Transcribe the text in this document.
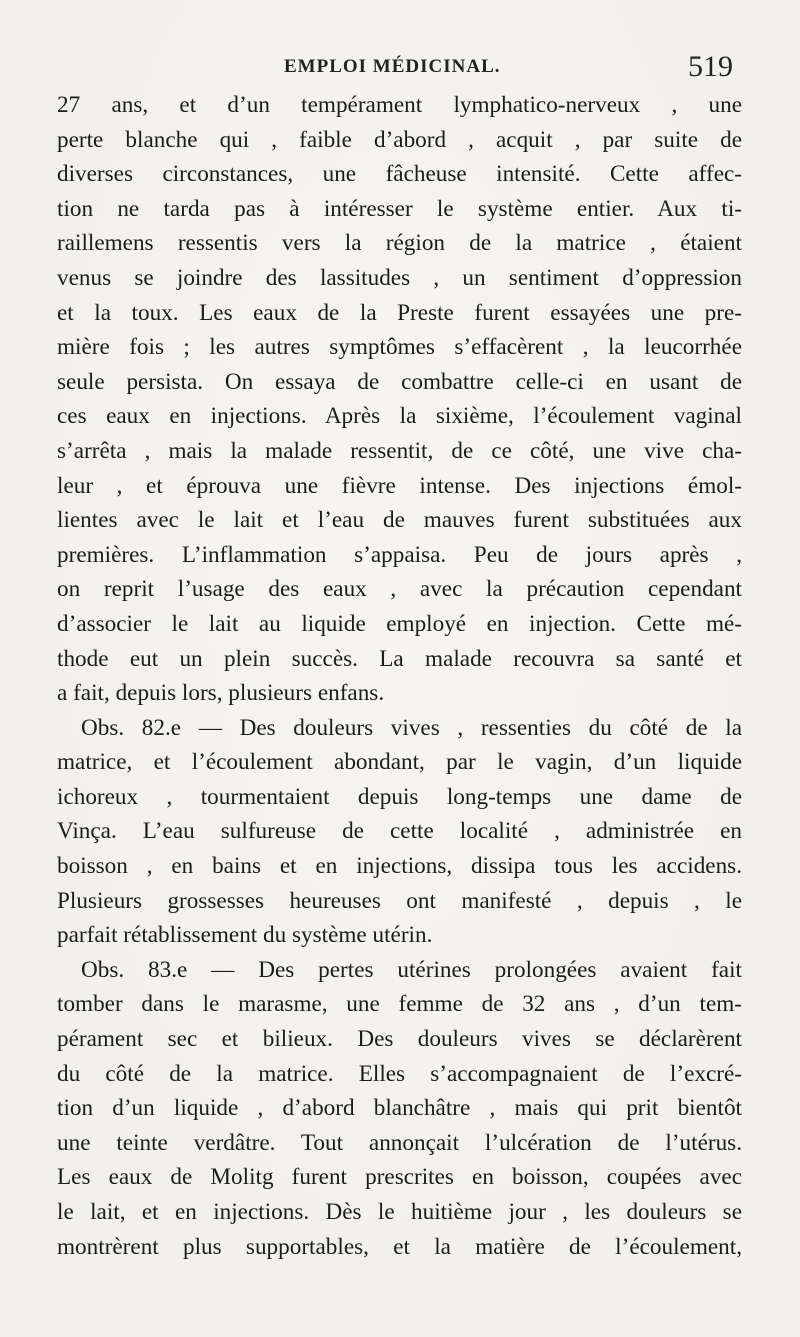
EMPLOI MÉDICINAL.	519
27 ans, et d’un tempérament lymphatico-nerveux , une
perte blanche qui , faible d’abord , acquit , par suite de
diverses circonstances, une fâcheuse intensité. Cette affec-
tion ne tarda pas à intéresser le système entier. Aux ti-
raillemens ressentis vers la région de la matrice , étaient
venus se joindre des lassitudes , un sentiment d’oppression
et la toux. Les eaux de la Preste furent essayées une pre-
mière fois ; les autres symptômes s’effacèrent , la leucorrhée
seule persista. On essaya de combattre celle-ci en usant de
ces eaux en injections. Après la sixième, l’écoulement vaginal
s’arrêta , mais la malade ressentit, de ce côté, une vive cha-
leur , et éprouva une fièvre intense. Des injections émol-
lientes avec le lait et l’eau de mauves furent substituées aux
premières. L’inflammation s’appaisa. Peu de jours après ,
on reprit l’usage des eaux , avec la précaution cependant
d’associer le lait au liquide employé en injection. Cette mé-
thode eut un plein succès. La malade recouvra sa santé et
a fait, depuis lors, plusieurs enfans.
Obs. 82.e — Des douleurs vives , ressenties du côté de la
matrice, et l’écoulement abondant, par le vagin, d’un liquide
ichoreux , tourmentaient depuis long-temps une dame de
Vinça. L’eau sulfureuse de cette localité , administrée en
boisson , en bains et en injections, dissipa tous les accidens.
Plusieurs grossesses heureuses ont manifesté , depuis , le
parfait rétablissement du système utérin.
Obs. 83.e — Des pertes utérines prolongées avaient fait
tomber dans le marasme, une femme de 32 ans , d’un tem-
pérament sec et bilieux. Des douleurs vives se déclarèrent
du côté de la matrice. Elles s’accompagnaient de l’excré-
tion d’un liquide , d’abord blanchâtre , mais qui prit bientôt
une teinte verdâtre. Tout annonçait l’ulcération de l’utérus.
Les eaux de Molitg furent prescrites en boisson, coupées avec
le lait, et en injections. Dès le huitième jour , les douleurs se
montrèrent plus supportables, et la matière de l’écoulement,
